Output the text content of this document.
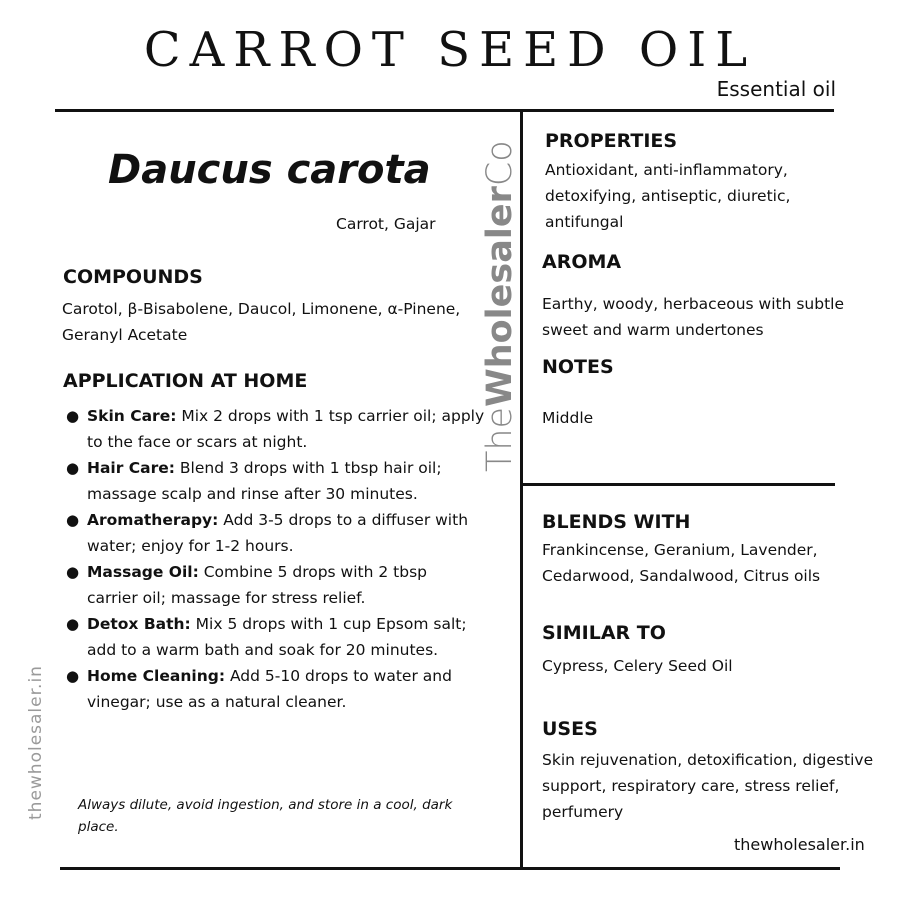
CARROT SEED OIL
Essential oil
Daucus carota
Carrot, Gajar
COMPOUNDS
Carotol, β-Bisabolene, Daucol, Limonene, α-Pinene,
Geranyl Acetate
APPLICATION AT HOME
● Skin Care: Mix 2 drops with 1 tsp carrier oil; apply
to the face or scars at night.
● Hair Care: Blend 3 drops with 1 tbsp hair oil;
massage scalp and rinse after 30 minutes.
● Aromatherapy: Add 3-5 drops to a diffuser with
water; enjoy for 1-2 hours.
● Massage Oil: Combine 5 drops with 2 tbsp
carrier oil; massage for stress relief.
● Detox Bath: Mix 5 drops with 1 cup Epsom salt;
add to a warm bath and soak for 20 minutes.
● Home Cleaning: Add 5-10 drops to water and
vinegar; use as a natural cleaner.
Always dilute, avoid ingestion, and store in a cool, dark
place.
TheWholesalerCo
thewholesaler.in
PROPERTIES
Antioxidant, anti-inflammatory,
detoxifying, antiseptic, diuretic,
antifungal
AROMA
Earthy, woody, herbaceous with subtle
sweet and warm undertones
NOTES
Middle
BLENDS WITH
Frankincense, Geranium, Lavender,
Cedarwood, Sandalwood, Citrus oils
SIMILAR TO
Cypress, Celery Seed Oil
USES
Skin rejuvenation, detoxification, digestive
support, respiratory care, stress relief,
perfumery
thewholesaler.in
